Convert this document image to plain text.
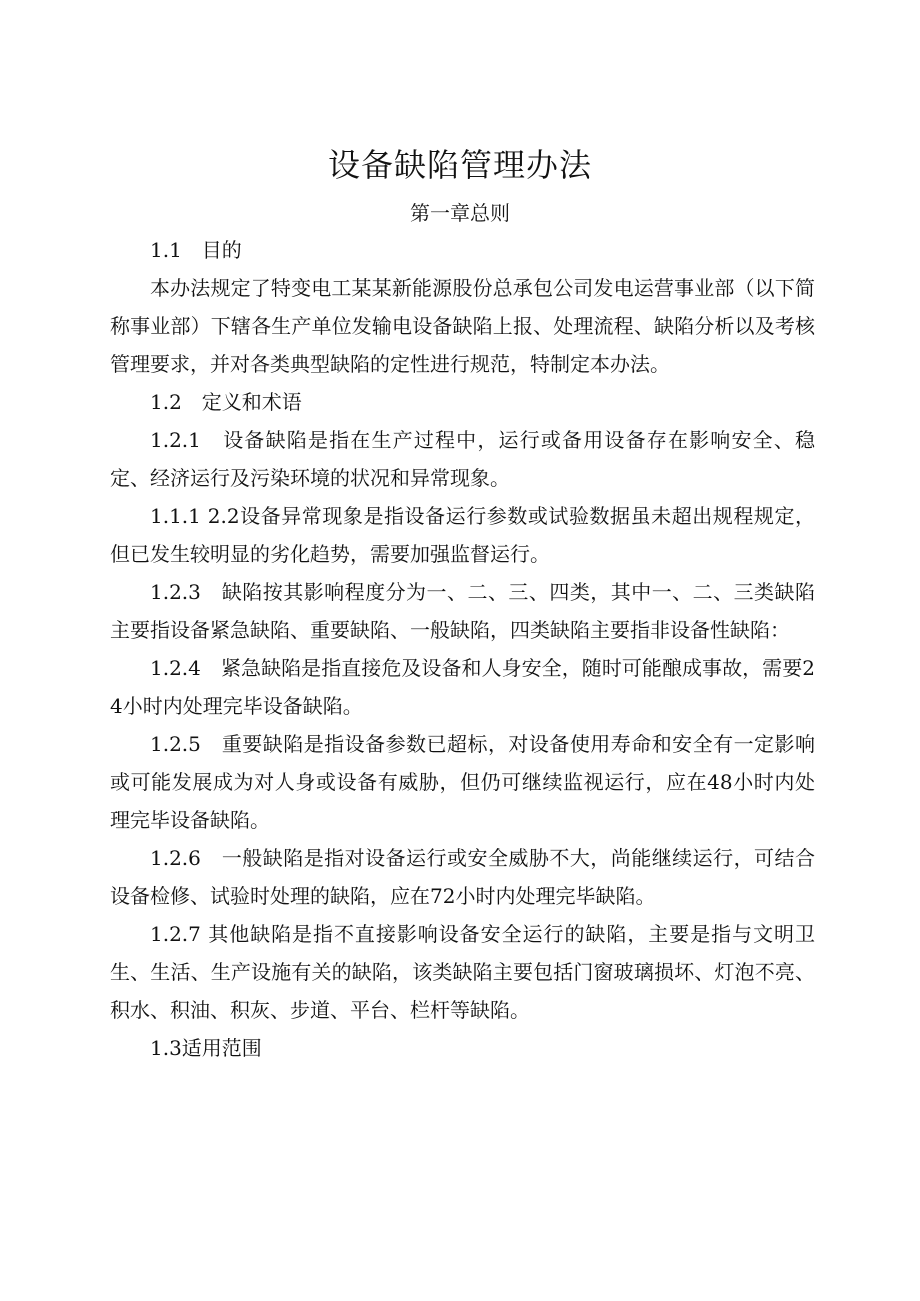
设备缺陷管理办法
第一章总则

1.1　目的

本办法规定了特变电工某某新能源股份总承包公司发电运营事业部（以下简称事业部）下辖各生产单位发输电设备缺陷上报、处理流程、缺陷分析以及考核管理要求，并对各类典型缺陷的定性进行规范，特制定本办法。

1.2　定义和术语

1.2.1　设备缺陷是指在生产过程中，运行或备用设备存在影响安全、稳定、经济运行及污染环境的状况和异常现象。

1.1.1 2.2设备异常现象是指设备运行参数或试验数据虽未超出规程规定，但已发生较明显的劣化趋势，需要加强监督运行。

1.2.3　缺陷按其影响程度分为一、二、三、四类，其中一、二、三类缺陷主要指设备紧急缺陷、重要缺陷、一般缺陷，四类缺陷主要指非设备性缺陷：

1.2.4　紧急缺陷是指直接危及设备和人身安全，随时可能酿成事故，需要24小时内处理完毕设备缺陷。

1.2.5　重要缺陷是指设备参数已超标，对设备使用寿命和安全有一定影响或可能发展成为对人身或设备有威胁，但仍可继续监视运行，应在48小时内处理完毕设备缺陷。

1.2.6　一般缺陷是指对设备运行或安全威胁不大，尚能继续运行，可结合设备检修、试验时处理的缺陷，应在72小时内处理完毕缺陷。

1.2.7 其他缺陷是指不直接影响设备安全运行的缺陷，主要是指与文明卫生、生活、生产设施有关的缺陷，该类缺陷主要包括门窗玻璃损坏、灯泡不亮、积水、积油、积灰、步道、平台、栏杆等缺陷。

1.3适用范围
